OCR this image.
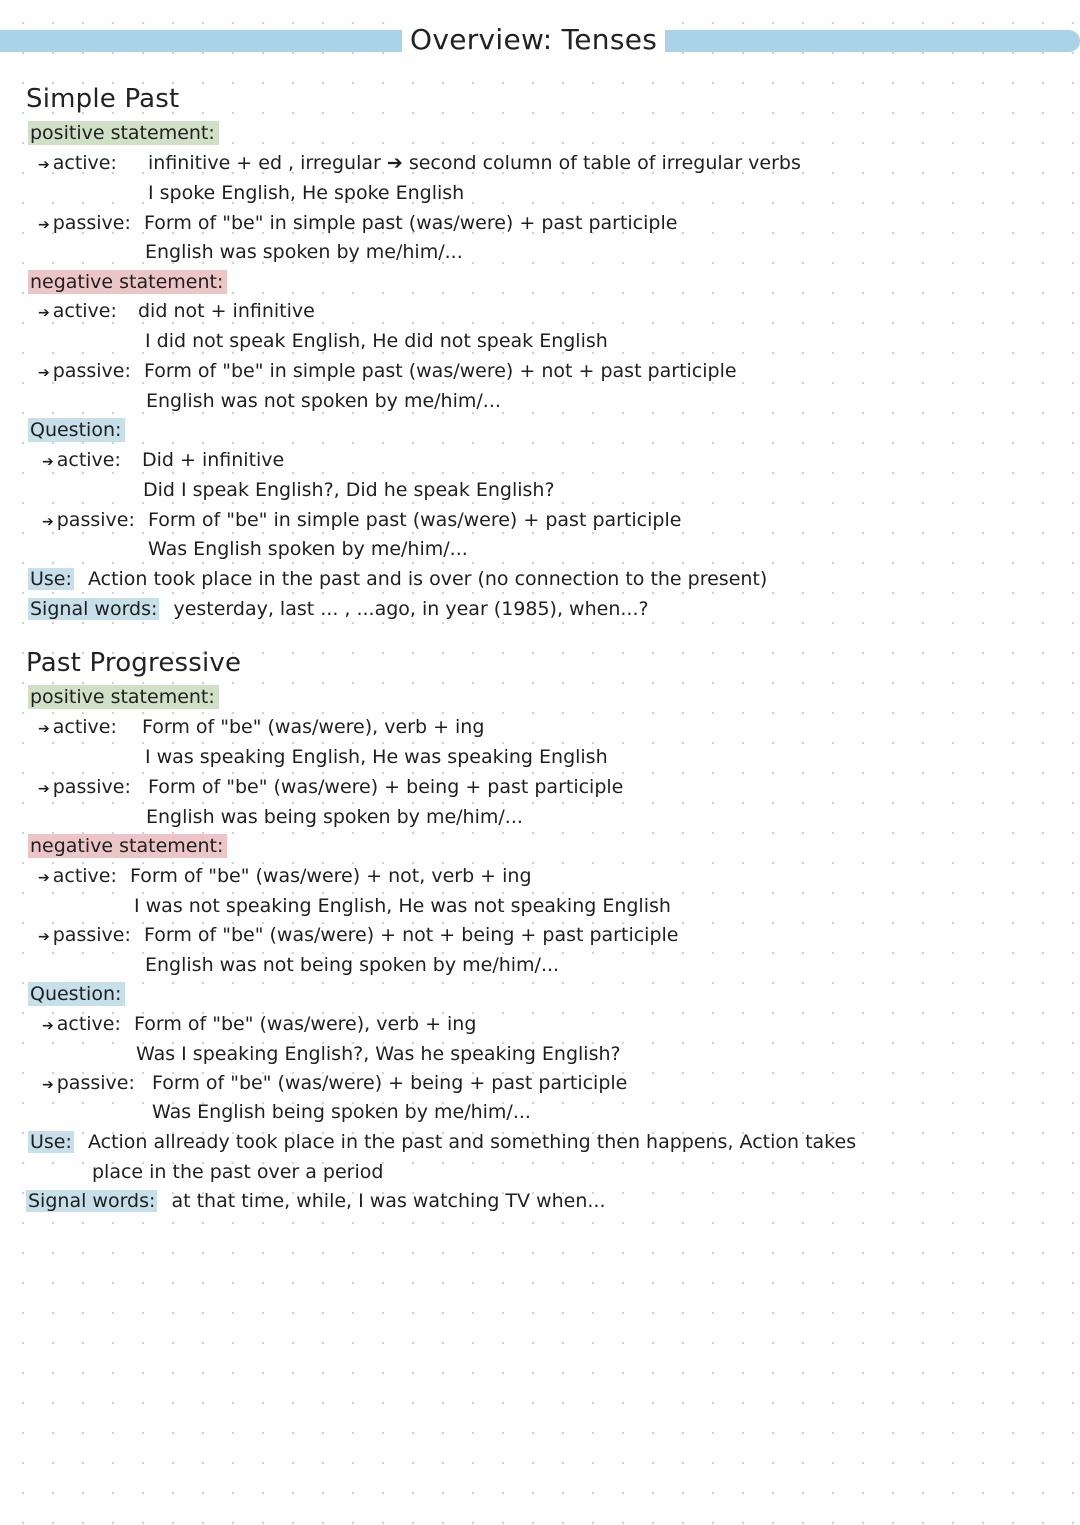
Overview: Tenses
Simple Past
positive statement:
➔ active: infinitive + ed , irregular ➔ second column of table of irregular verbs
I spoke English, He spoke English
➔ passive: Form of "be" in simple past (was/were) + past participle
English was spoken by me/him/...
negative statement:
➔ active: did not + infinitive
I did not speak English, He did not speak English
➔ passive: Form of "be" in simple past (was/were) + not + past participle
English was not spoken by me/him/...
Question:
➔ active: Did + infinitive
Did I speak English?, Did he speak English?
➔ passive: Form of "be" in simple past (was/were) + past participle
Was English spoken by me/him/...
Use: Action took place in the past and is over (no connection to the present)
Signal words: yesterday, last ... , ...ago, in year (1985), when...?
Past Progressive
positive statement:
➔ active: Form of "be" (was/were), verb + ing
I was speaking English, He was speaking English
➔ passive: Form of "be" (was/were) + being + past participle
English was being spoken by me/him/...
negative statement:
➔ active: Form of "be" (was/were) + not, verb + ing
I was not speaking English, He was not speaking English
➔ passive: Form of "be" (was/were) + not + being + past participle
English was not being spoken by me/him/...
Question:
➔ active: Form of "be" (was/were), verb + ing
Was I speaking English?, Was he speaking English?
➔ passive: Form of "be" (was/were) + being + past participle
Was English being spoken by me/him/...
Use: Action allready took place in the past and something then happens, Action takes
place in the past over a period
Signal words: at that time, while, I was watching TV when...
